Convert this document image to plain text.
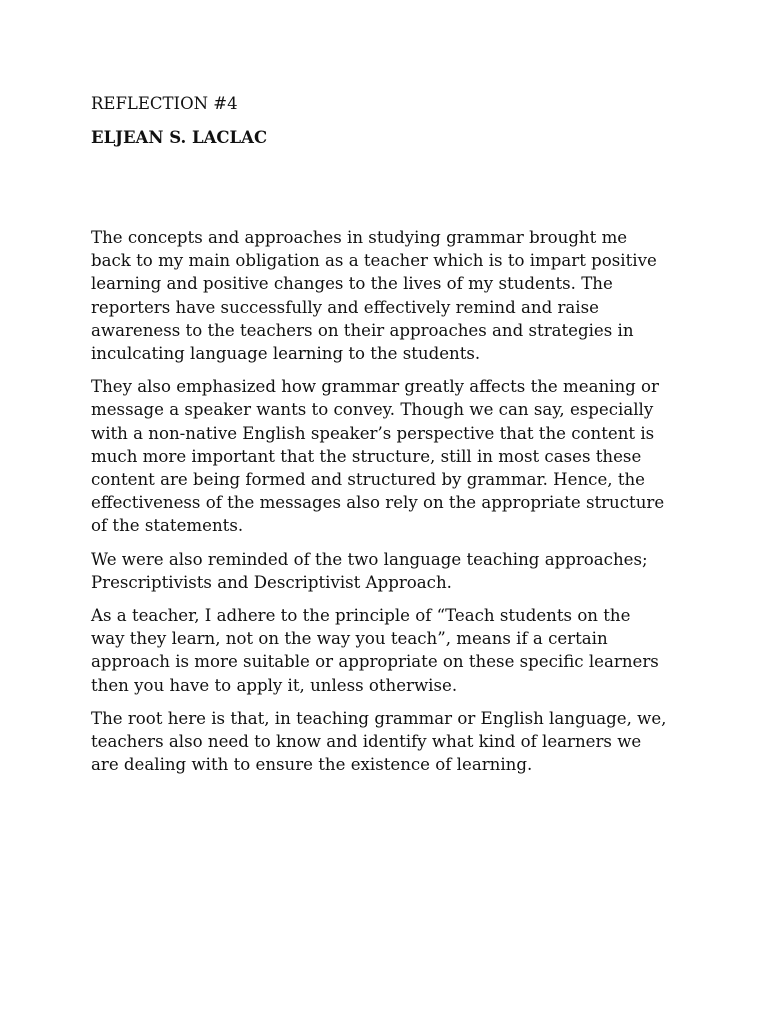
REFLECTION #4

ELJEAN S. LACLAC

The concepts and approaches in studying grammar brought me
back to my main obligation as a teacher which is to impart positive
learning and positive changes to the lives of my students. The
reporters have successfully and effectively remind and raise
awareness to the teachers on their approaches and strategies in
inculcating language learning to the students.

They also emphasized how grammar greatly affects the meaning or
message a speaker wants to convey. Though we can say, especially
with a non-native English speaker’s perspective that the content is
much more important that the structure, still in most cases these
content are being formed and structured by grammar. Hence, the
effectiveness of the messages also rely on the appropriate structure
of the statements.

We were also reminded of the two language teaching approaches;
Prescriptivists and Descriptivist Approach.

As a teacher, I adhere to the principle of “Teach students on the
way they learn, not on the way you teach”, means if a certain
approach is more suitable or appropriate on these specific learners
then you have to apply it, unless otherwise.

The root here is that, in teaching grammar or English language, we,
teachers also need to know and identify what kind of learners we
are dealing with to ensure the existence of learning.
